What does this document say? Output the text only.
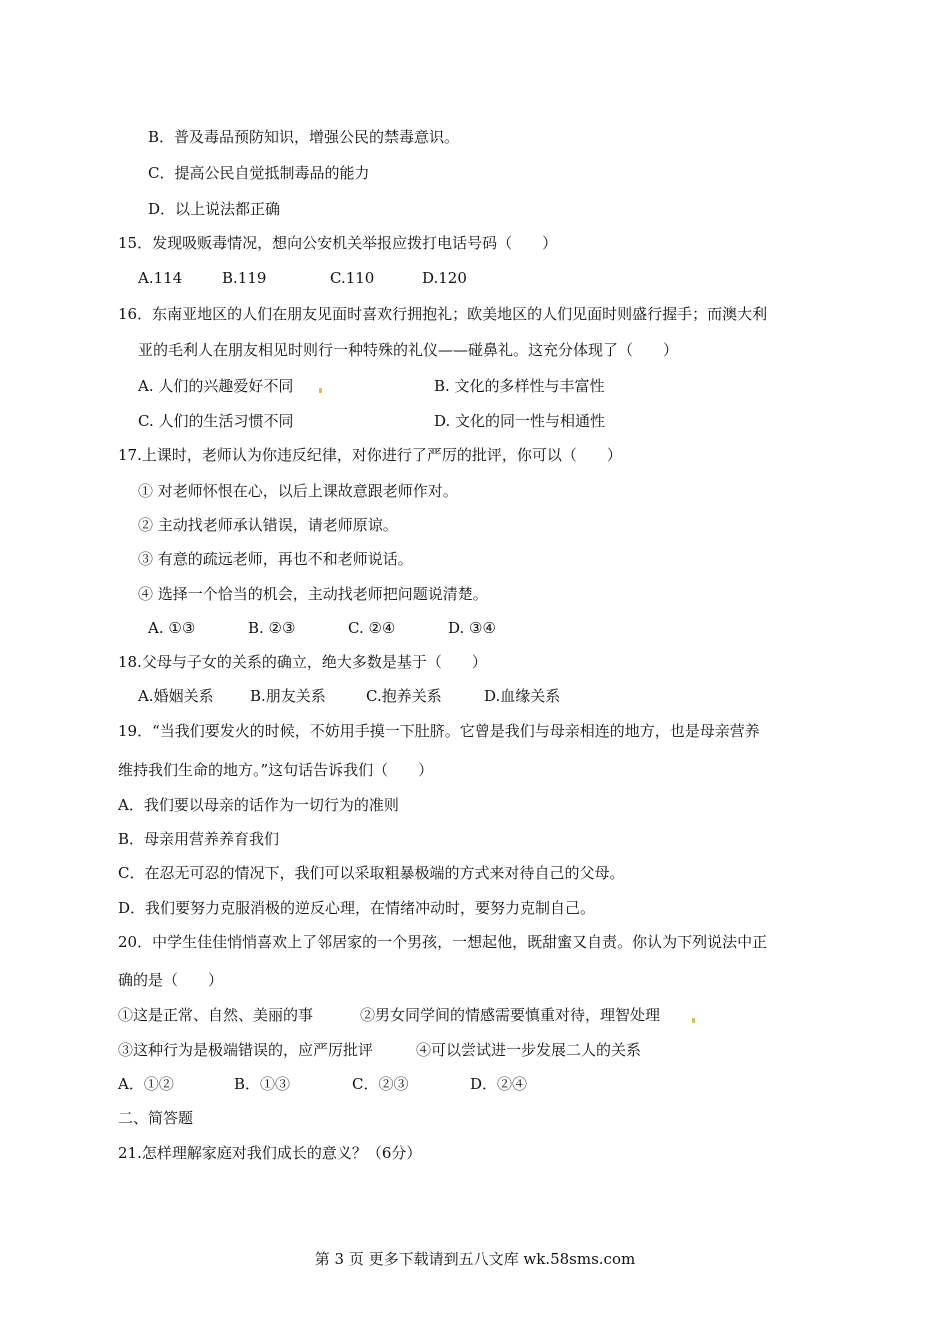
B．普及毒品预防知识，增强公民的禁毒意识。
C．提高公民自觉抵制毒品的能力
D．以上说法都正确
15．发现吸贩毒情况，想向公安机关举报应拨打电话号码（　　）
A.114	B.119	C.110	D.120
16．东南亚地区的人们在朋友见面时喜欢行拥抱礼；欧美地区的人们见面时则盛行握手；而澳大利
亚的毛利人在朋友相见时则行一种特殊的礼仪——碰鼻礼。这充分体现了（　　）
A. 人们的兴趣爱好不同	B. 文化的多样性与丰富性
C. 人们的生活习惯不同	D. 文化的同一性与相通性
17.上课时，老师认为你违反纪律，对你进行了严厉的批评，你可以（　　）
① 对老师怀恨在心，以后上课故意跟老师作对。
② 主动找老师承认错误，请老师原谅。
③ 有意的疏远老师，再也不和老师说话。
④ 选择一个恰当的机会，主动找老师把问题说清楚。
A. ①③	B. ②③	C. ②④	D. ③④
18.父母与子女的关系的确立，绝大多数是基于（　　）
A.婚姻关系 B.朋友关系	C.抱养关系	D.血缘关系
19．“当我们要发火的时候，不妨用手摸一下肚脐。它曾是我们与母亲相连的地方，也是母亲营养
维持我们生命的地方。”这句话告诉我们（　　）
A．我们要以母亲的话作为一切行为的准则
B．母亲用营养养育我们
C．在忍无可忍的情况下，我们可以采取粗暴极端的方式来对待自己的父母。
D．我们要努力克服消极的逆反心理，在情绪冲动时，要努力克制自己。
20．中学生佳佳悄悄喜欢上了邻居家的一个男孩，一想起他，既甜蜜又自责。你认为下列说法中正
确的是（　　）
①这是正常、自然、美丽的事	②男女同学间的情感需要慎重对待，理智处理
③这种行为是极端错误的，应严厉批评	④可以尝试进一步发展二人的关系
A．①②	B．①③	C．②③	D．②④
二、简答题
21.怎样理解家庭对我们成长的意义？（6分）
第 3 页 更多下载请到五八文库 wk.58sms.com
